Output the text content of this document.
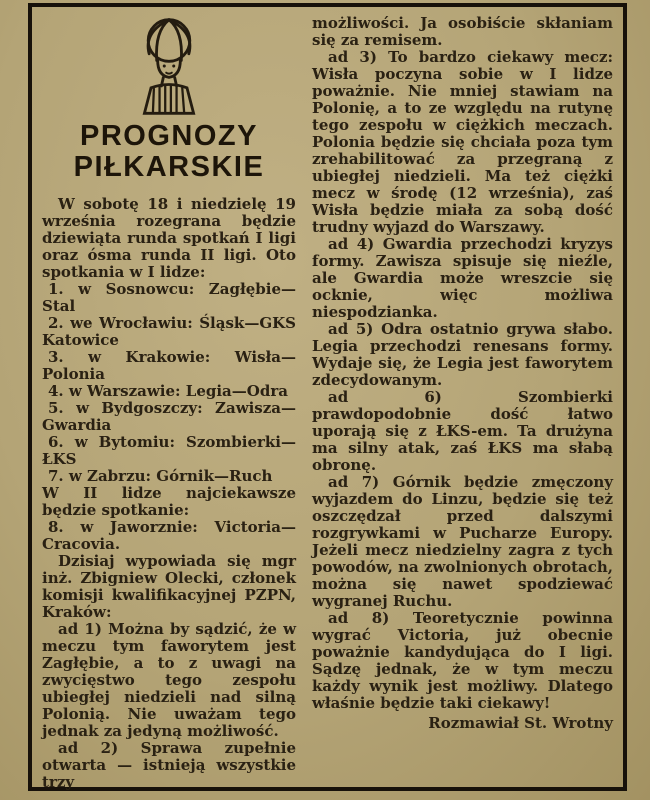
PROGNOZY
PIŁKARSKIE

W sobotę 18 i niedzielę 19 września rozegrana będzie dziewiąta runda spotkań I ligi oraz ósma runda II ligi. Oto spotkania w I lidze:

1. w Sosnowcu: Zagłębie—Stal

2. we Wrocławiu: Śląsk—GKS Katowice

3. w Krakowie: Wisła—Polonia

4. w Warszawie: Legia—Odra

5. w Bydgoszczy: Zawisza—Gwardia

6. w Bytomiu: Szombierki—ŁKS

7. w Zabrzu: Górnik—Ruch

W II lidze najciekawsze będzie spotkanie:

8. w Jaworznie: Victoria—Cracovia.

Dzisiaj wypowiada się mgr inż. Zbigniew Olecki, członek komisji kwalifikacyjnej PZPN, Kraków:

ad 1) Można by sądzić, że w meczu tym faworytem jest Zagłębie, a to z uwagi na zwycięstwo tego zespołu ubiegłej niedzieli nad silną Polonią. Nie uważam tego jednak za jedyną możliwość.

ad 2) Sprawa zupełnie otwarta — istnieją wszystkie trzy

możliwości. Ja osobiście skłaniam się za remisem.

ad 3) To bardzo ciekawy mecz: Wisła poczyna sobie w I lidze poważnie. Nie mniej stawiam na Polonię, a to ze względu na rutynę tego zespołu w ciężkich meczach. Polonia będzie się chciała poza tym zrehabilitować za przegraną z ubiegłej niedzieli. Ma też ciężki mecz w środę (12 września), zaś Wisła będzie miała za sobą dość trudny wyjazd do Warszawy.

ad 4) Gwardia przechodzi kryzys formy. Zawisza spisuje się nieźle, ale Gwardia może wreszcie się ocknie, więc możliwa niespodzianka.

ad 5) Odra ostatnio grywa słabo. Legia przechodzi renesans formy. Wydaje się, że Legia jest faworytem zdecydowanym.

ad 6) Szombierki prawdopodobnie dość łatwo uporają się z ŁKS-em. Ta drużyna ma silny atak, zaś ŁKS ma słabą obronę.

ad 7) Górnik będzie zmęczony wyjazdem do Linzu, będzie się też oszczędzał przed dalszymi rozgrywkami w Pucharze Europy. Jeżeli mecz niedzielny zagra z tych powodów, na zwolnionych obrotach, można się nawet spodziewać wygranej Ruchu.

ad 8) Teoretycznie powinna wygrać Victoria, już obecnie poważnie kandydująca do I ligi. Sądzę jednak, że w tym meczu każdy wynik jest możliwy. Dlatego właśnie będzie taki ciekawy!

Rozmawiał St. Wrotny
